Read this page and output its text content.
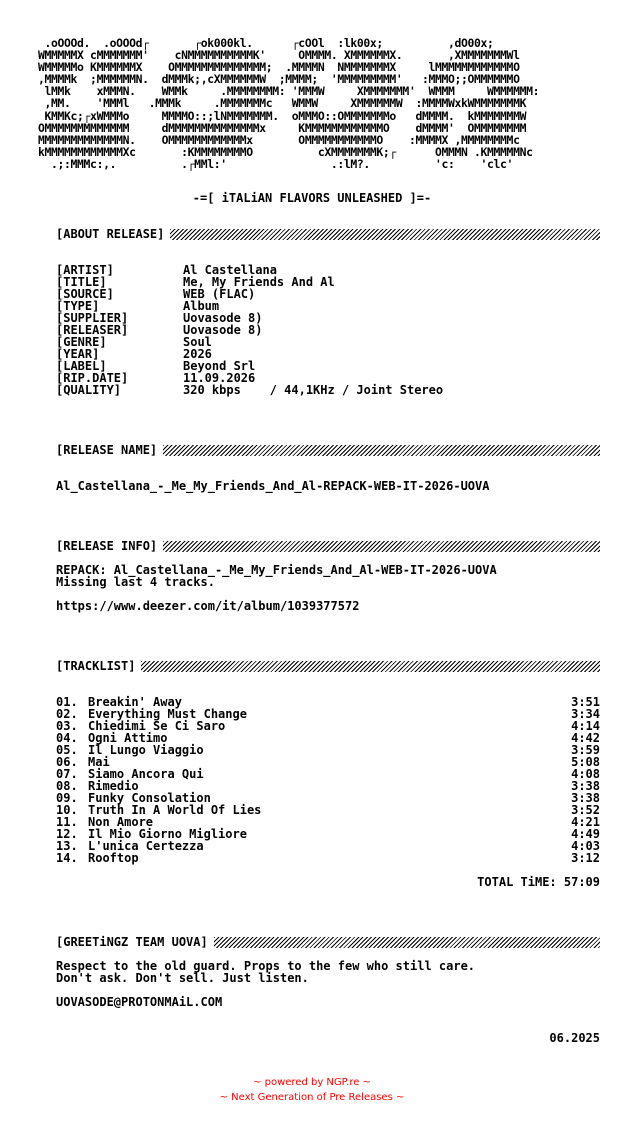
.oOOOd.  .oOOOd┌       ┌ok000kl.      ┌cOOl  :lk00x;          ,dO00x;
WMMMMMX cMMMMMMM'    cNMMMMMMMMMMK'     OMMMM. XMMMMMMX.       ,XMMMMMMMWl
WMMMMMo KMMMMMMX    OMMMMMMMMMMMMMM;  .MMMMN  NMMMMMMMX     lMMMMMMMMMMMMO
,MMMMk  ;MMMMMMN.  dMMMk;,cXMMMMMMW  ;MMMM;  'MMMMMMMMM'   :MMMO;;OMMMMMMO
lMMk    xMMMN.    WMMk     .MMMMMMMM: 'MMMW     XMMMMMMM'  WMMM     WMMMMMM:
,MM.    'MMMl   .MMMk     .MMMMMMMc   WMMW     XMMMMMMW  :MMMMWxkWMMMMMMMK
KMMKc;┌xWMMMo     MMMMO::;lNMMMMMMM.  oMMMO::OMMMMMMMo   dMMMM.  kMMMMMMMW
OMMMMMMMMMMMMM     dMMMMMMMMMMMMMMx     KMMMMMMMMMMMMO    dMMMM'  OMMMMMMMM
MMMMMMMMMMMMMN.    OMMMMMMMMMMMMx       OMMMMMMMMMMMO    :MMMMX ,MMMMMMMMc
kMMMMMMMMMMMMXc       :KMMMMMMMMO          cXMMMMMMMK;┌      OMMMN .KMMMMMNc
.;:MMMc:,.          .┌MMl:'                .:lM?.          'c:    'clc'
-=[ iTALiAN FLAVORS UNLEASHED ]=-
[ABOUT RELEASE]
[ARTIST]	Al Castellana
[TITLE]	Me, My Friends And Al
[SOURCE]	WEB (FLAC)
[TYPE]	Album
[SUPPLIER]	Uovasode 8)
[RELEASER]	Uovasode 8)
[GENRE]	Soul
[YEAR]	2026
[LABEL]	Beyond Srl
[RIP.DATE]	11.09.2026
[QUALITY]	320 kbps    / 44,1KHz / Joint Stereo
[RELEASE NAME]
Al_Castellana_-_Me_My_Friends_And_Al-REPACK-WEB-IT-2026-UOVA
[RELEASE INFO]
REPACK: Al_Castellana_-_Me_My_Friends_And_Al-WEB-IT-2026-UOVA
Missing last 4 tracks.
https://www.deezer.com/it/album/1039377572
[TRACKLIST]
01. Breakin' Away	3:51
02. Everything Must Change	3:34
03. Chiedimi Se Ci Saro	4:14
04. Ogni Attimo	4:42
05. Il Lungo Viaggio	3:59
06. Mai	5:08
07. Siamo Ancora Qui	4:08
08. Rimedio	3:38
09. Funky Consolation	3:38
10. Truth In A World Of Lies	3:52
11. Non Amore	4:21
12. Il Mio Giorno Migliore	4:49
13. L'unica Certezza	4:03
14. Rooftop	3:12
TOTAL TiME: 57:09
[GREETiNGZ TEAM UOVA]
Respect to the old guard. Props to the few who still care.
Don't ask. Don't sell. Just listen.
UOVASODE@PROTONMAiL.COM
06.2025
~ powered by NGP.re ~
~ Next Generation of Pre Releases ~
